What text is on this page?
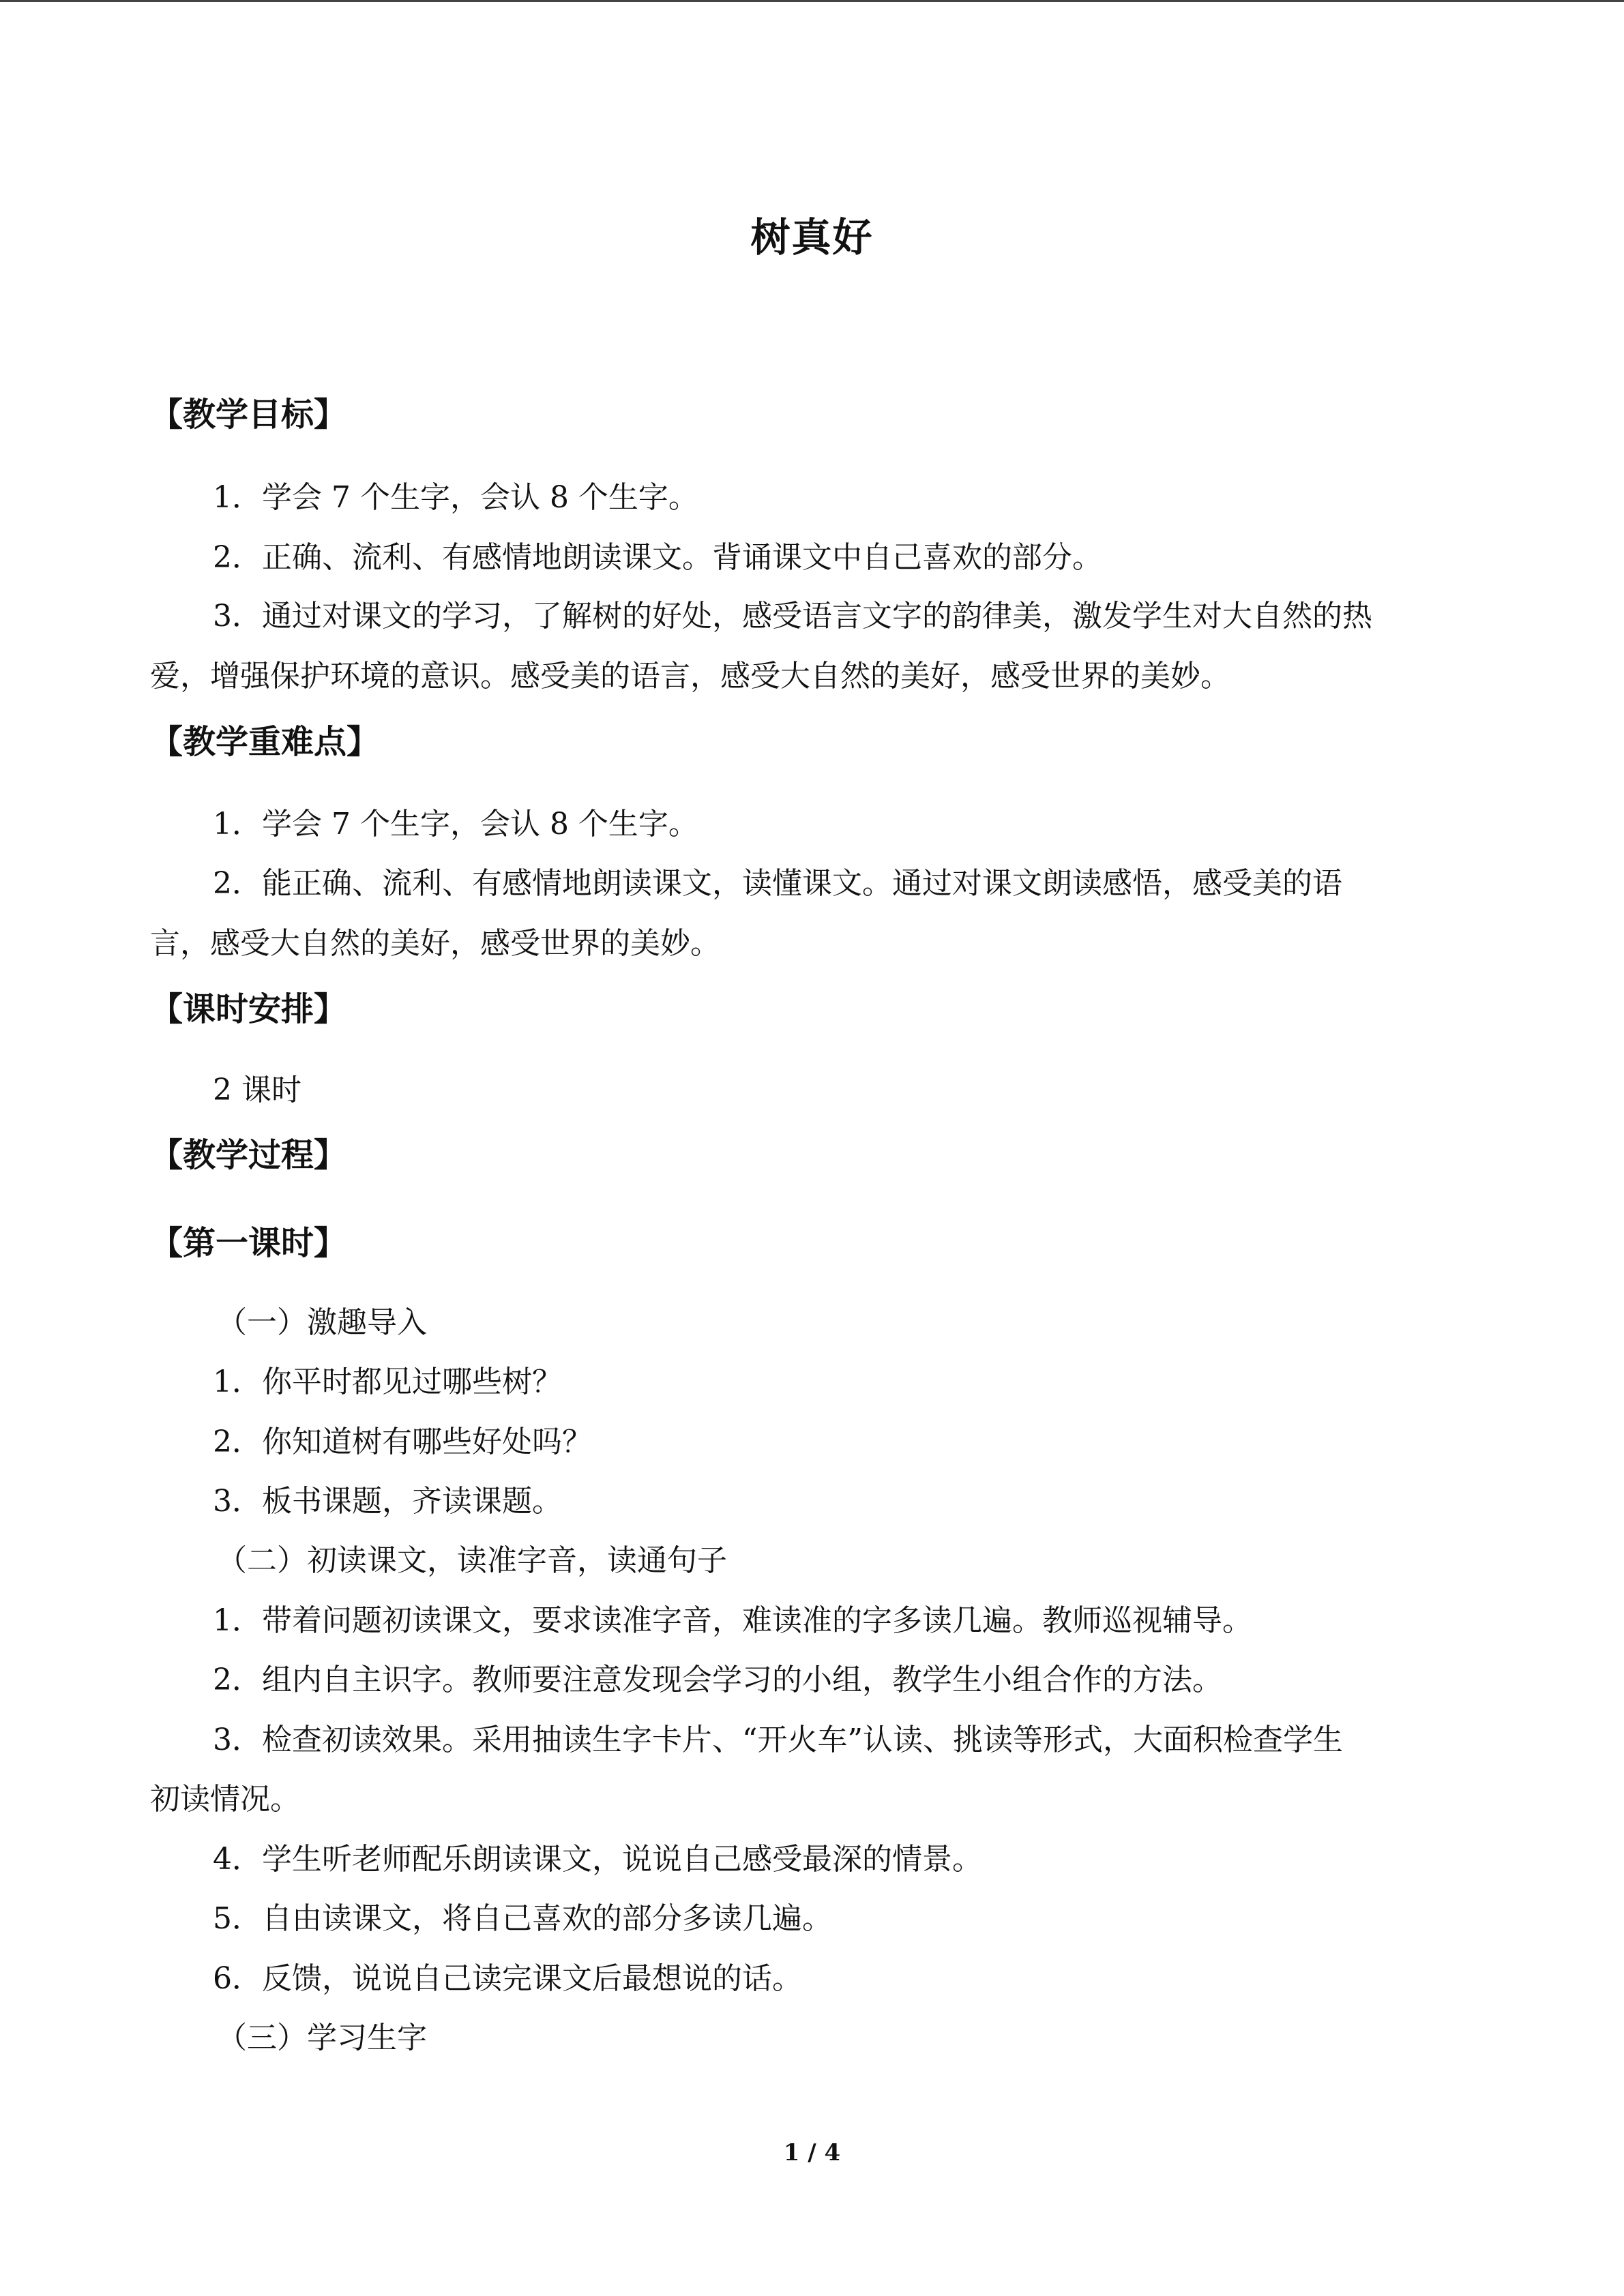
树真好
【教学目标】
1．学会 7 个生字，会认 8 个生字。
2．正确、流利、有感情地朗读课文。背诵课文中自己喜欢的部分。
3．通过对课文的学习，了解树的好处，感受语言文字的韵律美，激发学生对大自然的热
爱，增强保护环境的意识。感受美的语言，感受大自然的美好，感受世界的美妙。
【教学重难点】
1．学会 7 个生字，会认 8 个生字。
2．能正确、流利、有感情地朗读课文，读懂课文。通过对课文朗读感悟，感受美的语
言，感受大自然的美好，感受世界的美妙。
【课时安排】
2 课时
【教学过程】
【第一课时】
（一）激趣导入
1．你平时都见过哪些树？
2．你知道树有哪些好处吗？
3．板书课题，齐读课题。
（二）初读课文，读准字音，读通句子
1．带着问题初读课文，要求读准字音，难读准的字多读几遍。教师巡视辅导。
2．组内自主识字。教师要注意发现会学习的小组，教学生小组合作的方法。
3．检查初读效果。采用抽读生字卡片、“开火车”认读、挑读等形式，大面积检查学生
初读情况。
4．学生听老师配乐朗读课文，说说自己感受最深的情景。
5．自由读课文，将自己喜欢的部分多读几遍。
6．反馈，说说自己读完课文后最想说的话。
（三）学习生字
1 / 4
